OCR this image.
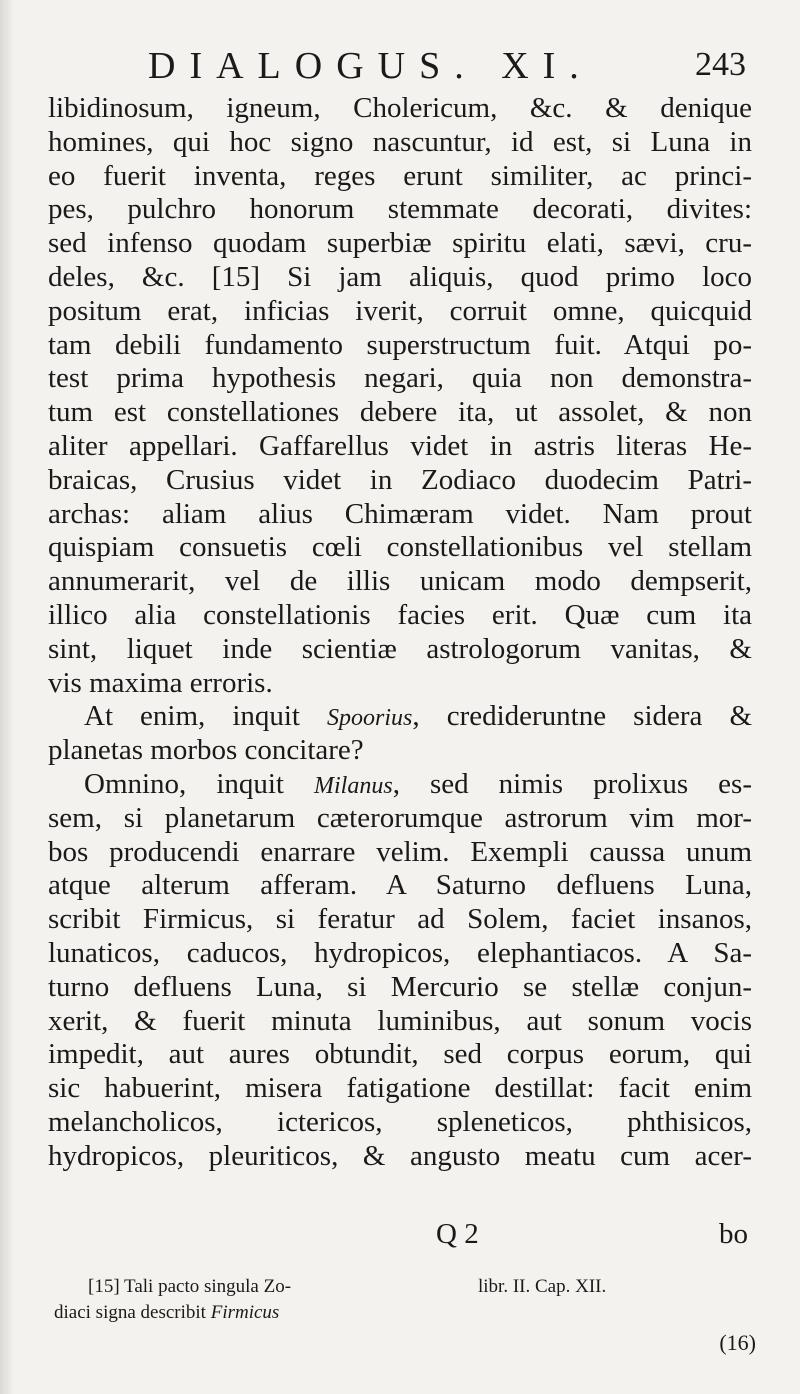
DIALOGUS. XI.	243
libidinosum, igneum, Cholericum, &c. & denique
homines, qui hoc signo nascuntur, id est, si Luna in
eo fuerit inventa, reges erunt similiter, ac princi-
pes, pulchro honorum stemmate decorati, divites:
sed infenso quodam superbiæ spiritu elati, sævi, cru-
deles, &c. [15] Si jam aliquis, quod primo loco
positum erat, inficias iverit, corruit omne, quicquid
tam debili fundamento superstructum fuit. Atqui po-
test prima hypothesis negari, quia non demonstra-
tum est constellationes debere ita, ut assolet, & non
aliter appellari. Gaffarellus videt in astris literas He-
braicas, Crusius videt in Zodiaco duodecim Patri-
archas: aliam alius Chimæram videt. Nam prout
quispiam consuetis cœli constellationibus vel stellam
annumerarit, vel de illis unicam modo dempserit,
illico alia constellationis facies erit. Quæ cum ita
sint, liquet inde scientiæ astrologorum vanitas, &
vis maxima erroris.
At enim, inquit Spoorius, credideruntne sidera &
planetas morbos concitare?
Omnino, inquit Milanus, sed nimis prolixus es-
sem, si planetarum cæterorumque astrorum vim mor-
bos producendi enarrare velim. Exempli caussa unum
atque alterum afferam. A Saturno defluens Luna,
scribit Firmicus, si feratur ad Solem, faciet insanos,
lunaticos, caducos, hydropicos, elephantiacos. A Sa-
turno defluens Luna, si Mercurio se stellæ conjun-
xerit, & fuerit minuta luminibus, aut sonum vocis
impedit, aut aures obtundit, sed corpus eorum, qui
sic habuerint, misera fatigatione destillat: facit enim
melancholicos, ictericos, spleneticos, phthisicos,
hydropicos, pleuriticos, & angusto meatu cum acer-
Q 2	bo
[15] Tali pacto singula Zo-	libr. II. Cap. XII.
diaci signa describit Firmicus
(16)
